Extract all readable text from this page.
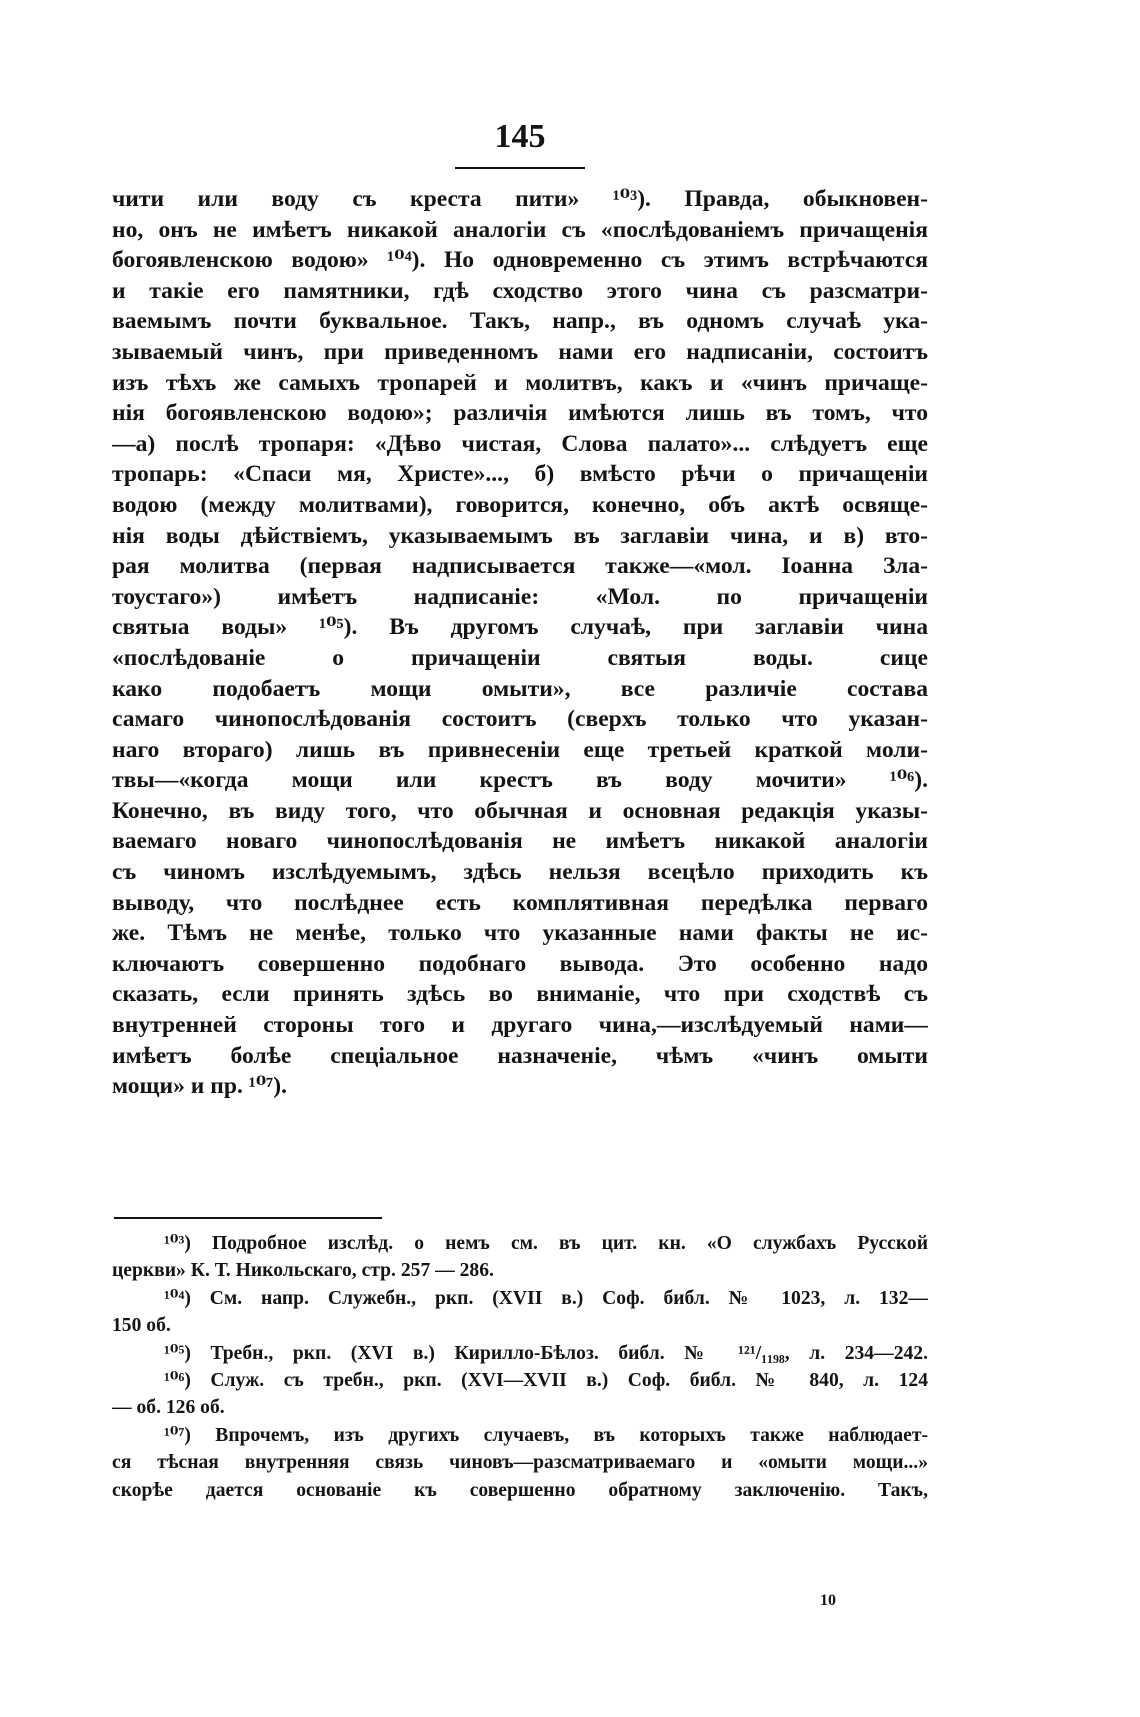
145
чити или воду съ креста пити» ¹⁰³). Правда, обыкновен-
но, онъ не имѣетъ никакой аналогіи съ «послѣдованіемъ причащенія
богоявленскою водою» ¹⁰⁴). Но одновременно съ этимъ встрѣчаются
и такіе его памятники, гдѣ сходство этого чина съ разсматри-
ваемымъ почти буквальное. Такъ, напр., въ одномъ случаѣ ука-
зываемый чинъ, при приведенномъ нами его надписаніи, состоитъ
изъ тѣхъ же самыхъ тропарей и молитвъ, какъ и «чинъ причаще-
нія богоявленскою водою»; различія имѣются лишь въ томъ, что
—а) послѣ тропаря: «Дѣво чистая, Слова палато»... слѣдуетъ еще
тропарь: «Спаси мя, Христе»..., б) вмѣсто рѣчи о причащеніи
водою (между молитвами), говорится, конечно, объ актѣ освяще-
нія воды дѣйствіемъ, указываемымъ въ заглавіи чина, и в) вто-
рая молитва (первая надписывается также—«мол. Іоанна Зла-
тоустаго») имѣетъ надписаніе: «Мол. по причащеніи
святыа воды» ¹⁰⁵). Въ другомъ случаѣ, при заглавіи чина
«послѣдованіе о причащеніи святыя воды. сице
како подобаетъ мощи омыти», все различіе состава
самаго чинопослѣдованія состоитъ (сверхъ только что указан-
наго втораго) лишь въ привнесеніи еще третьей краткой моли-
твы—«когда мощи или крестъ въ воду мочити» ¹⁰⁶).
Конечно, въ виду того, что обычная и основная редакція указы-
ваемаго новаго чинопослѣдованія не имѣетъ никакой аналогіи
съ чиномъ изслѣдуемымъ, здѣсь нельзя всецѣло приходить къ
выводу, что послѣднее есть комплятивная передѣлка перваго
же. Тѣмъ не менѣе, только что указанные нами факты не ис-
ключаютъ совершенно подобнаго вывода. Это особенно надо
сказать, если принять здѣсь во вниманіе, что при сходствѣ съ
внутренней стороны того и другаго чина,—изслѣдуемый нами—
имѣетъ болѣе спеціальное назначеніе, чѣмъ «чинъ омыти
мощи» и пр. ¹⁰⁷).
¹⁰³) Подробное изслѣд. о немъ см. въ цит. кн. «О службахъ Русской
церкви» К. Т. Никольскаго, стр. 257 — 286.
¹⁰⁴) См. напр. Служебн., ркп. (XVII в.) Соф. библ. № 1023, л. 132—
150 об.
¹⁰⁵) Требн., ркп. (XVI в.) Кирилло-Бѣлоз. библ. № ¹²¹/₁₁₉₈, л. 234—242.
¹⁰⁶) Служ. съ требн., ркп. (XVI—XVII в.) Соф. библ. № 840, л. 124
— об. 126 об.
¹⁰⁷) Впрочемъ, изъ другихъ случаевъ, въ которыхъ также наблюдает-
ся тѣсная внутренняя связь чиновъ—разсматриваемаго и «омыти мощи...»
скорѣе дается основаніе къ совершенно обратному заключенію. Такъ,
10
